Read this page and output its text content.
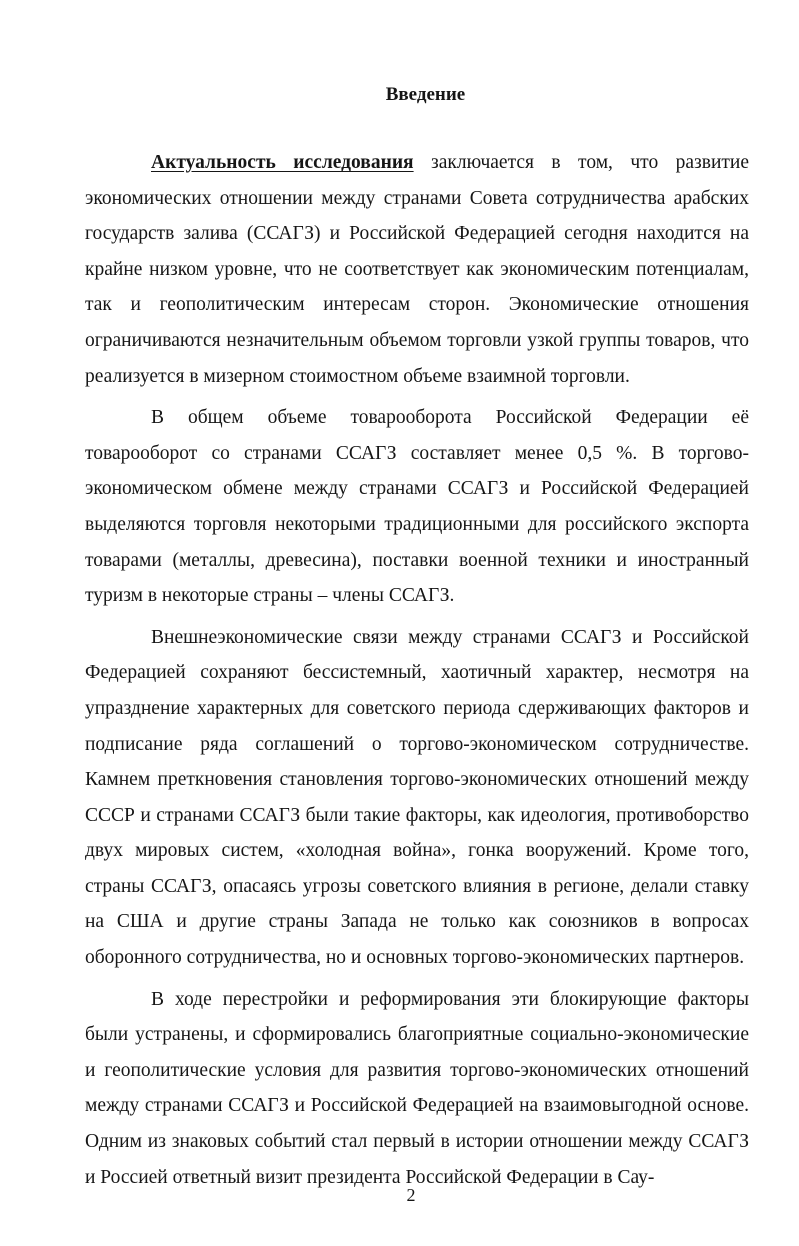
Введение

Актуальность исследования заключается в том, что развитие экономических отношении между странами Совета сотрудничества арабских государств залива (ССАГЗ) и Российской Федерацией сегодня находится на крайне низком уровне, что не соответствует как экономическим потенциалам, так и геополитическим интересам сторон. Экономические отношения ограничиваются незначительным объемом торговли узкой группы товаров, что реализуется в мизерном стоимостном объеме взаимной торговли.

В общем объеме товарооборота Российской Федерации её товарооборот со странами ССАГЗ составляет менее 0,5 %. В торгово-экономическом обмене между странами ССАГЗ и Российской Федерацией выделяются торговля некоторыми традиционными для российского экспорта товарами (металлы, древесина), поставки военной техники и иностранный туризм в некоторые страны – члены ССАГЗ.

Внешнеэкономические связи между странами ССАГЗ и Российской Федерацией сохраняют бессистемный, хаотичный характер, несмотря на упразднение характерных для советского периода сдерживающих факторов и подписание ряда соглашений о торгово-экономическом сотрудничестве. Камнем преткновения становления торгово-экономических отношений между СССР и странами ССАГЗ были такие факторы, как идеология, противоборство двух мировых систем, «холодная война», гонка вооружений. Кроме того, страны ССАГЗ, опасаясь угрозы советского влияния в регионе, делали ставку на США и другие страны Запада не только как союзников в вопросах оборонного сотрудничества, но и основных торгово-экономических партнеров.

В ходе перестройки и реформирования эти блокирующие факторы были устранены, и сформировались благоприятные социально-экономические и геополитические условия для развития торгово-экономических отношений между странами ССАГЗ и Российской Федерацией на взаимовыгодной основе. Одним из знаковых событий стал первый в истории отношении между ССАГЗ и Россией ответный визит президента Российской Федерации в Сау-

2
